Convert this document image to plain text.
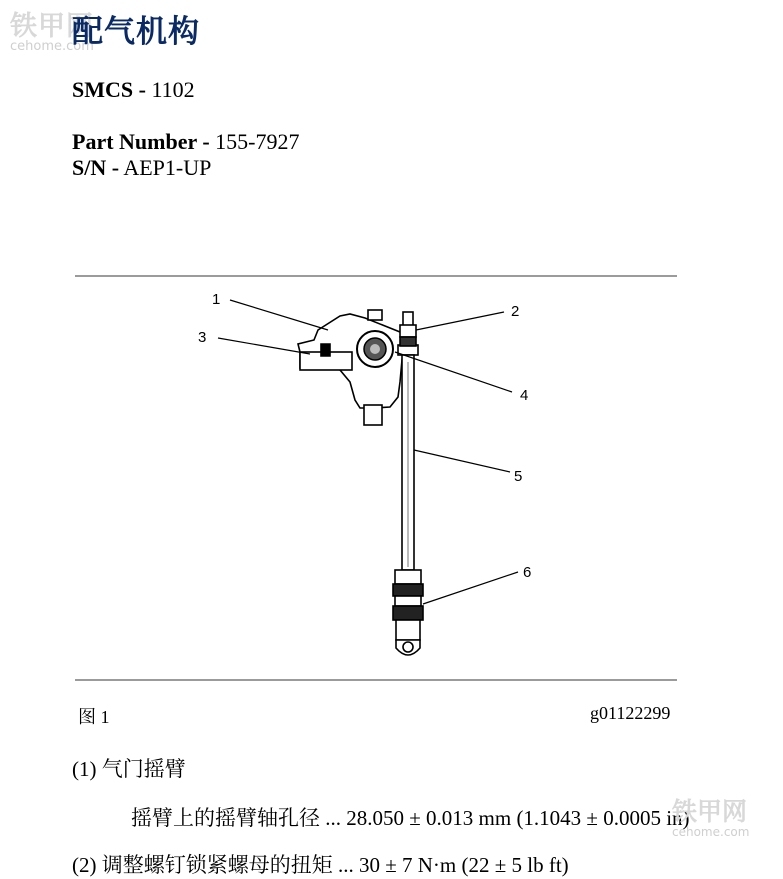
铁甲网
cehome.com
配气机构
SMCS - 1102
Part Number - 155-7927
S/N - AEP1-UP
1
2
3
4
5
6
图 1	g01122299
(1) 气门摇臂
摇臂上的摇臂轴孔径 ... 28.050 ± 0.013 mm (1.1043 ± 0.0005 in)
(2) 调整螺钉锁紧螺母的扭矩 ... 30 ± 7 N·m (22 ± 5 lb ft)
铁甲网
cehome.com
